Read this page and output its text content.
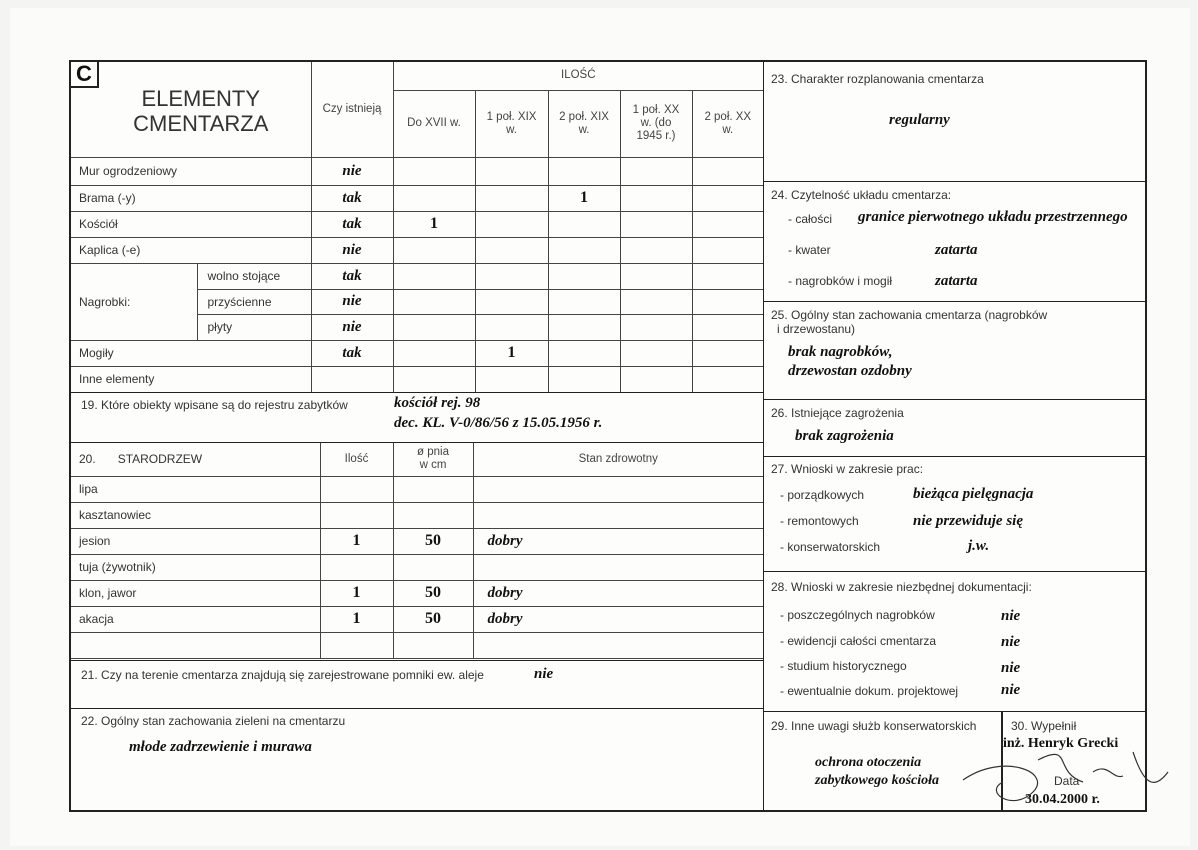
C
ELEMENTY
CMENTARZA		Czy istnieją	ILOŚĆ				
			Do XVII w.	1 poł. XIX w.	2 poł. XIX w.	1 poł. XX w. (do 1945 r.)	2 poł. XX w.
Mur ogrodzeniowy		nie					
Brama (-y)		tak			1		
Kościół		tak	1				
Kaplica (-e)		nie					
Nagrobki:	wolno stojące	tak					
	przyścienne	nie					
	płyty	nie					
Mogiły		tak		1			
Inne elementy							
19. Które obiekty wpisane są do rejestru zabytków	kościół rej. 98
dec. KL. V-0/86/56 z 15.05.1956 r.
20. STARODRZEW	Ilość	ø pnia w cm	Stan zdrowotny
lipa			
kasztanowiec			
jesion	1	50	dobry
tuja (żywotnik)			
klon, jawor	1	50	dobry
akacja	1	50	dobry

21. Czy na terenie cmentarza znajdują się zarejestrowane pomniki ew. aleje	nie
22. Ogólny stan zachowania zieleni na cmentarzu
młode zadrzewienie i murawa
23. Charakter rozplanowania cmentarza
regularny
24. Czytelność układu cmentarza:
- całości granice pierwotnego układu przestrzennego
- kwater	zatarta
- nagrobków i mogił	zatarta
25. Ogólny stan zachowania cmentarza (nagrobków
i drzewostanu)
brak nagrobków,
drzewostan ozdobny
26. Istniejące zagrożenia
brak zagrożenia
27. Wnioski w zakresie prac:
- porządkowych	bieżąca pielęgnacja
- remontowych	nie przewiduje się
- konserwatorskich	j.w.
28. Wnioski w zakresie niezbędnej dokumentacji:
- poszczególnych nagrobków	nie
- ewidencji całości cmentarza	nie
- studium historycznego	nie
- ewentualnie dokum. projektowej	nie
29. Inne uwagi służb konserwatorskich
ochrona otoczenia
zabytkowego kościoła
30. Wypełnił
inż. Henryk Grecki
Data
30.04.2000 r.
